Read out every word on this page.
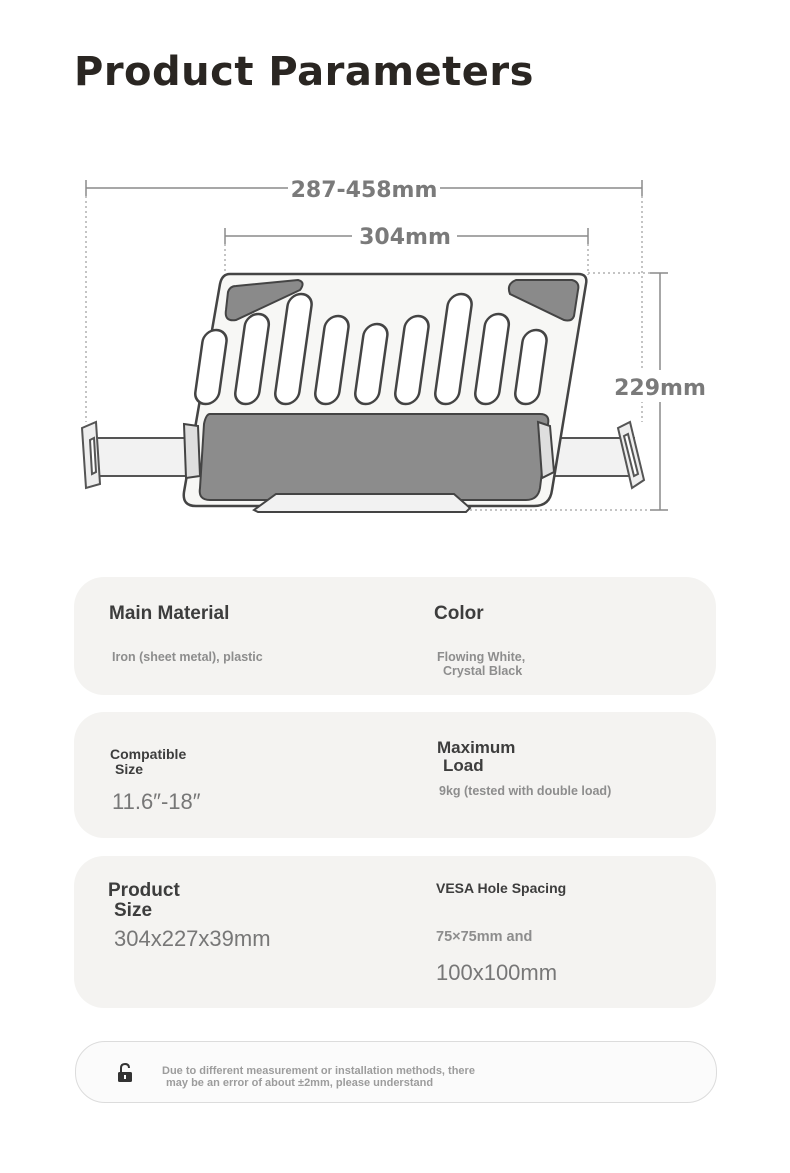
Product Parameters
287-458mm
304mm
229mm
Main Material
Iron (sheet metal), plastic
Color
Flowing White,
Crystal Black
Compatible
Size
11.6″-18″
Maximum
Load
9kg (tested with double load)
Product
Size
304x227x39mm
VESA Hole Spacing
75×75mm and
100x100mm
Due to different measurement or installation methods, there
may be an error of about ±2mm, please understand
